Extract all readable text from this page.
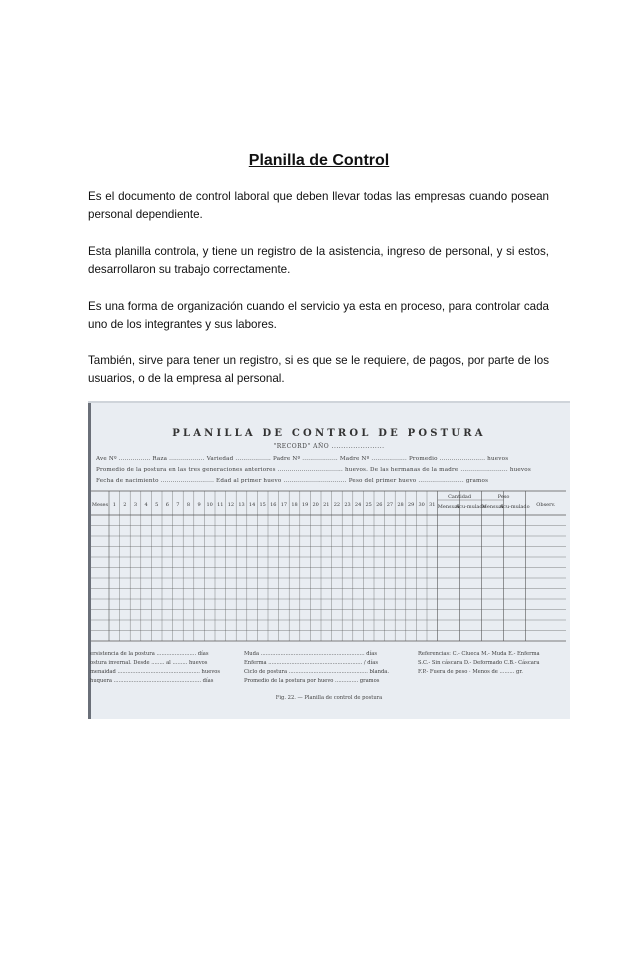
Planilla de Control

Es el documento de control laboral que deben llevar todas las empresas cuando posean personal dependiente.

Esta planilla controla, y tiene un registro de la asistencia, ingreso de personal, y si estos, desarrollaron su trabajo correctamente.

Es una forma de organización cuando el servicio ya esta en proceso, para controlar cada uno de los integrantes y sus labores.

También, sirve para tener un registro, si es que se le requiere, de pagos, por parte de los usuarios, o de la empresa al personal.

PLANILLA DE CONTROL DE POSTURA
"RECORD" AÑO ......................
Ave Nº ................ Raza .................. Variedad .................. Padre Nº .................. Madre Nº .................. Promedio ....................... huevos
Promedio de la postura en las tres generaciones anteriores ................................. huevos. De las hermanas de la madre ........................ huevos
Fecha de nacimiento ........................... Edad al primer huevo ................................ Peso del primer huevo ....................... gramos
Meses 1 2 3 4 5 6 7 8 9 10 11 12 13 14 15 16 17 18 19 20 21 22 23 24 25 26 27 28 29 30 31
Cantidad	Peso
Mensual
Acu-mulado
Mensual
Acu-mulado Observ.
ersistencia de la postura ........................ días
ostura invernal. Desde ........ al ......... huevos
menaidad .................................................. huevos
huquera ..................................................... días
Muda ............................................................... días
Enferma ......................................................... / días
Ciclo de postura ................................................ blanda.
Promedio de la postura por huevo .............. gramos
Referencias: C.- Clueca M.- Muda E.- Enferma
S.C.- Sin cáscara D.- Deformado C.B.- Cáscara
F.P.- Fuera de peso · Menos de ......... gr.
Fig. 22. — Planilla de control de postura
